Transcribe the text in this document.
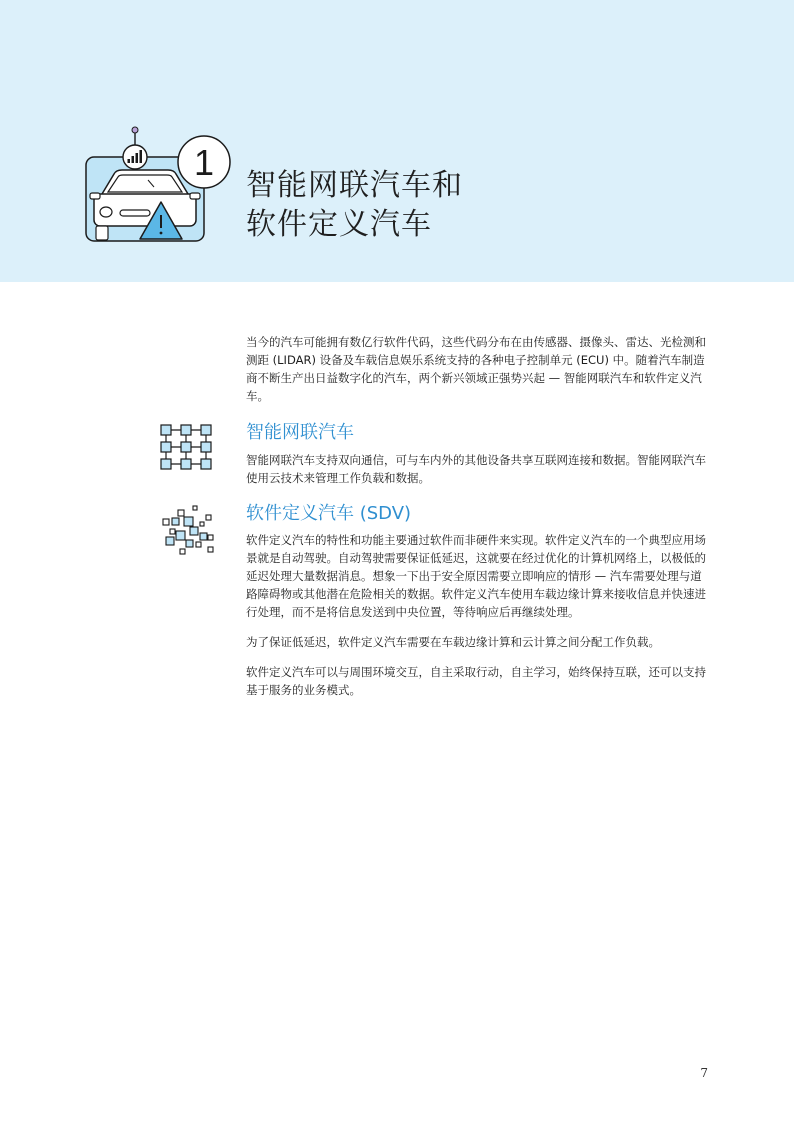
1
智能网联汽车和
软件定义汽车

当今的汽车可能拥有数亿行软件代码，这些代码分布在由传感器、摄像头、雷达、光检测和测距 (LIDAR) 设备及车载信息娱乐系统支持的各种电子控制单元 (ECU) 中。随着汽车制造商不断生产出日益数字化的汽车，两个新兴领域正强势兴起 — 智能网联汽车和软件定义汽车。

智能网联汽车

智能网联汽车支持双向通信，可与车内外的其他设备共享互联网连接和数据。智能网联汽车使用云技术来管理工作负载和数据。

软件定义汽车 (SDV)

软件定义汽车的特性和功能主要通过软件而非硬件来实现。软件定义汽车的一个典型应用场景就是自动驾驶。自动驾驶需要保证低延迟，这就要在经过优化的计算机网络上，以极低的延迟处理大量数据消息。想象一下出于安全原因需要立即响应的情形 — 汽车需要处理与道路障碍物或其他潜在危险相关的数据。软件定义汽车使用车载边缘计算来接收信息并快速进行处理，而不是将信息发送到中央位置，等待响应后再继续处理。

为了保证低延迟，软件定义汽车需要在车载边缘计算和云计算之间分配工作负载。

软件定义汽车可以与周围环境交互，自主采取行动，自主学习，始终保持互联，还可以支持基于服务的业务模式。

7
